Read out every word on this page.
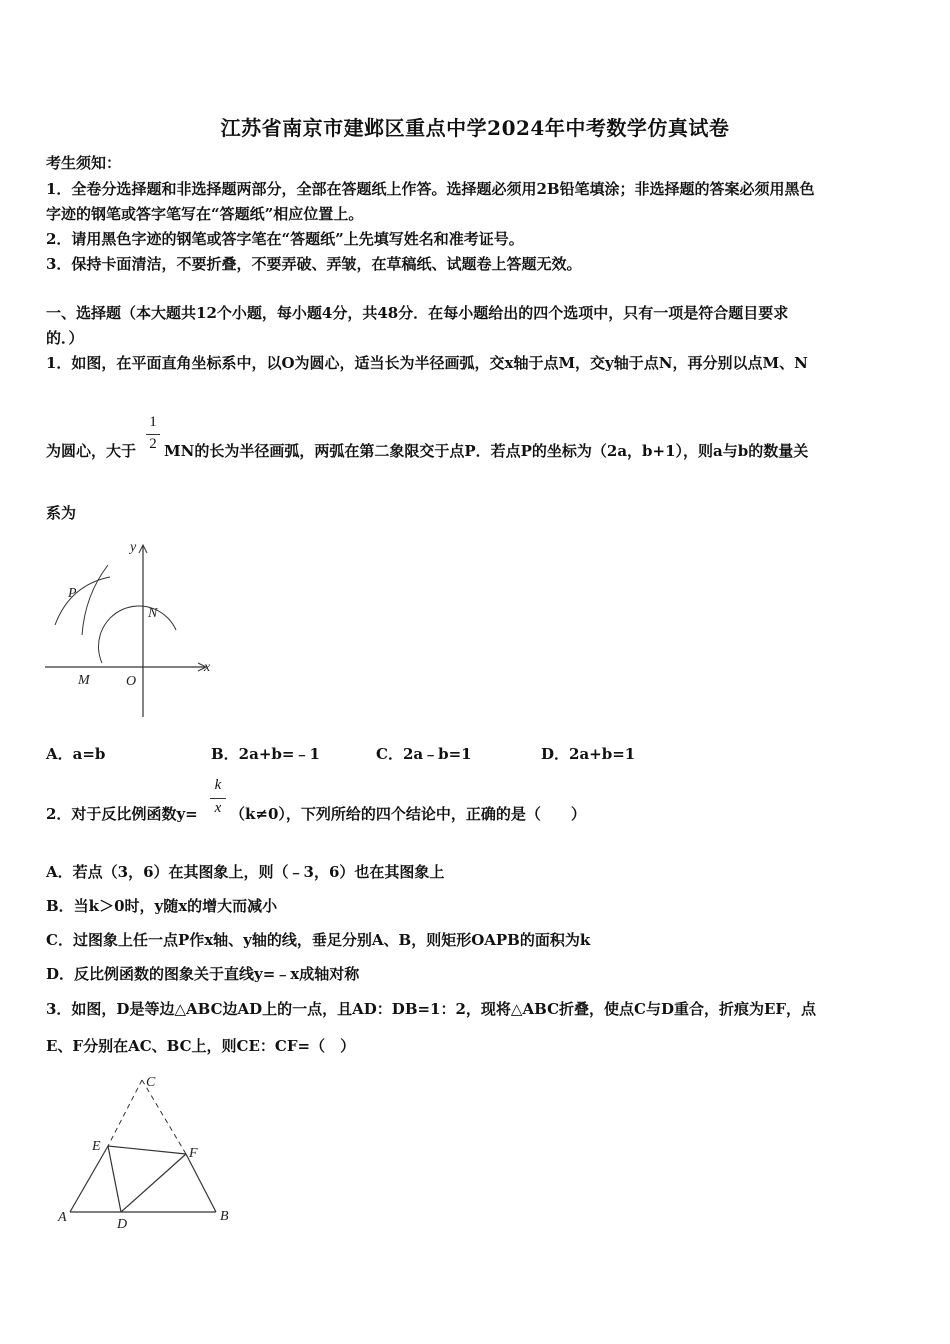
江苏省南京市建邺区重点中学2024年中考数学仿真试卷
考生须知：
1．全卷分选择题和非选择题两部分，全部在答题纸上作答。选择题必须用2B铅笔填涂；非选择题的答案必须用黑色
字迹的钢笔或答字笔写在“答题纸”相应位置上。
2．请用黑色字迹的钢笔或答字笔在“答题纸”上先填写姓名和准考证号。
3．保持卡面清洁，不要折叠，不要弄破、弄皱，在草稿纸、试题卷上答题无效。
一、选择题（本大题共12个小题，每小题4分，共48分．在每小题给出的四个选项中，只有一项是符合题目要求
的．）
1．如图，在平面直角坐标系中，以O为圆心，适当长为半径画弧，交x轴于点M，交y轴于点N，再分别以点M、N
为圆心，大于
1
2 MN的长为半径画弧，两弧在第二象限交于点P．若点P的坐标为（2a，b+1），则a与b的数量关
系为
y
x
P
N
M	O
A．a=b	B．2a+b=﹣1	C．2a﹣b=1	D．2a+b=1
2．对于反比例函数y=
k
x （k≠0），下列所给的四个结论中，正确的是（　　）
A．若点（3，6）在其图象上，则（﹣3，6）也在其图象上
B．当k＞0时，y随x的增大而减小
C．过图象上任一点P作x轴、y轴的线，垂足分别A、B，则矩形OAPB的面积为k
D．反比例函数的图象关于直线y=﹣x成轴对称
3．如图，D是等边△ABC边AD上的一点，且AD：DB=1：2，现将△ABC折叠，使点C与D重合，折痕为EF，点
E、F分别在AC、BC上，则CE：CF=（　）
C
E	F
A	D
B
